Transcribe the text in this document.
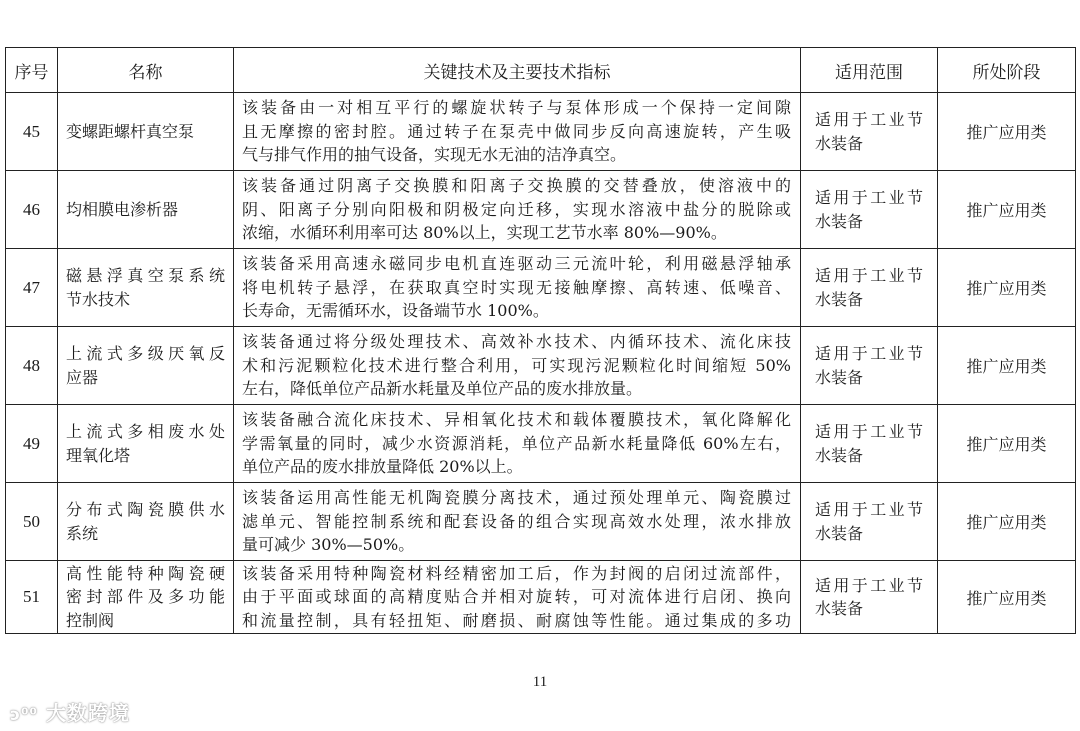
序号	名称	关键技术及主要技术指标	适用范围	所处阶段
45	变螺距螺杆真空泵	该装备由一对相互平行的螺旋状转子与泵体形成一个保持一定间隙
且无摩擦的密封腔。通过转子在泵壳中做同步反向高速旋转，产生吸
气与排气作用的抽气设备，实现无水无油的洁净真空。	适用于工业节
水装备	推广应用类
46	均相膜电渗析器	该装备通过阴离子交换膜和阳离子交换膜的交替叠放，使溶液中的
阴、阳离子分别向阳极和阴极定向迁移，实现水溶液中盐分的脱除或
浓缩，水循环利用率可达 80%以上，实现工艺节水率 80%—90%。	适用于工业节
水装备	推广应用类
47	磁悬浮真空泵系统
节水技术	该装备采用高速永磁同步电机直连驱动三元流叶轮，利用磁悬浮轴承
将电机转子悬浮，在获取真空时实现无接触摩擦、高转速、低噪音、
长寿命，无需循环水，设备端节水 100%。	适用于工业节
水装备	推广应用类
48	上流式多级厌氧反
应器	该装备通过将分级处理技术、高效补水技术、内循环技术、流化床技
术和污泥颗粒化技术进行整合利用，可实现污泥颗粒化时间缩短 50%
左右，降低单位产品新水耗量及单位产品的废水排放量。	适用于工业节
水装备	推广应用类
49	上流式多相废水处
理氧化塔	该装备融合流化床技术、异相氧化技术和载体覆膜技术，氧化降解化
学需氧量的同时，减少水资源消耗，单位产品新水耗量降低 60%左右，
单位产品的废水排放量降低 20%以上。	适用于工业节
水装备	推广应用类
50	分布式陶瓷膜供水
系统	该装备运用高性能无机陶瓷膜分离技术，通过预处理单元、陶瓷膜过
滤单元、智能控制系统和配套设备的组合实现高效水处理，浓水排放
量可减少 30%—50%。	适用于工业节
水装备	推广应用类
51	高性能特种陶瓷硬
密封部件及多功能
控制阀	该装备采用特种陶瓷材料经精密加工后，作为封阀的启闭过流部件，
由于平面或球面的高精度贴合并相对旋转，可对流体进行启闭、换向
和流量控制，具有轻扭矩、耐磨损、耐腐蚀等性能。通过集成的多功	适用于工业节
水装备	推广应用类
11
ↄ⁰⁰ 大数跨境
